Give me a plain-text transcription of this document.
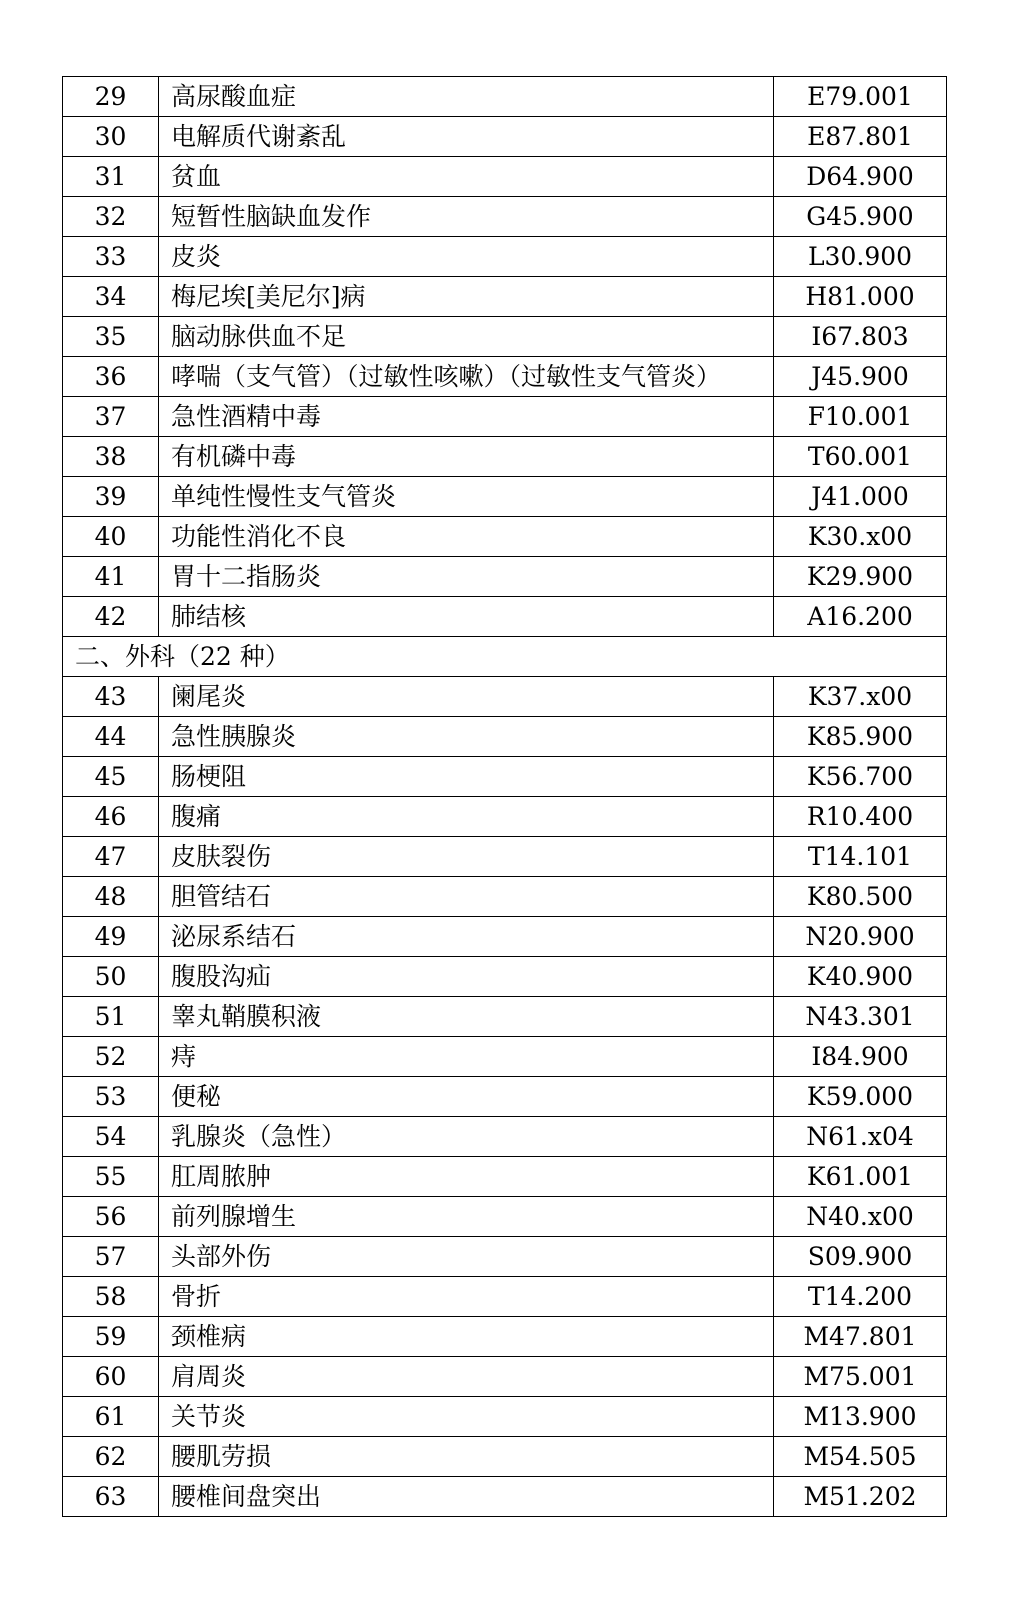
29	高尿酸血症	E79.001
30	电解质代谢紊乱	E87.801
31	贫血	D64.900
32	短暂性脑缺血发作	G45.900
33	皮炎	L30.900
34	梅尼埃[美尼尔]病	H81.000
35	脑动脉供血不足	I67.803
36	哮喘（支气管）（过敏性咳嗽）（过敏性支气管炎）	J45.900
37	急性酒精中毒	F10.001
38	有机磷中毒	T60.001
39	单纯性慢性支气管炎	J41.000
40	功能性消化不良	K30.x00
41	胃十二指肠炎	K29.900
42	肺结核	A16.200
二、外科（22 种）		
43	阑尾炎	K37.x00
44	急性胰腺炎	K85.900
45	肠梗阻	K56.700
46	腹痛	R10.400
47	皮肤裂伤	T14.101
48	胆管结石	K80.500
49	泌尿系结石	N20.900
50	腹股沟疝	K40.900
51	睾丸鞘膜积液	N43.301
52	痔	I84.900
53	便秘	K59.000
54	乳腺炎（急性）	N61.x04
55	肛周脓肿	K61.001
56	前列腺增生	N40.x00
57	头部外伤	S09.900
58	骨折	T14.200
59	颈椎病	M47.801
60	肩周炎	M75.001
61	关节炎	M13.900
62	腰肌劳损	M54.505
63	腰椎间盘突出	M51.202
